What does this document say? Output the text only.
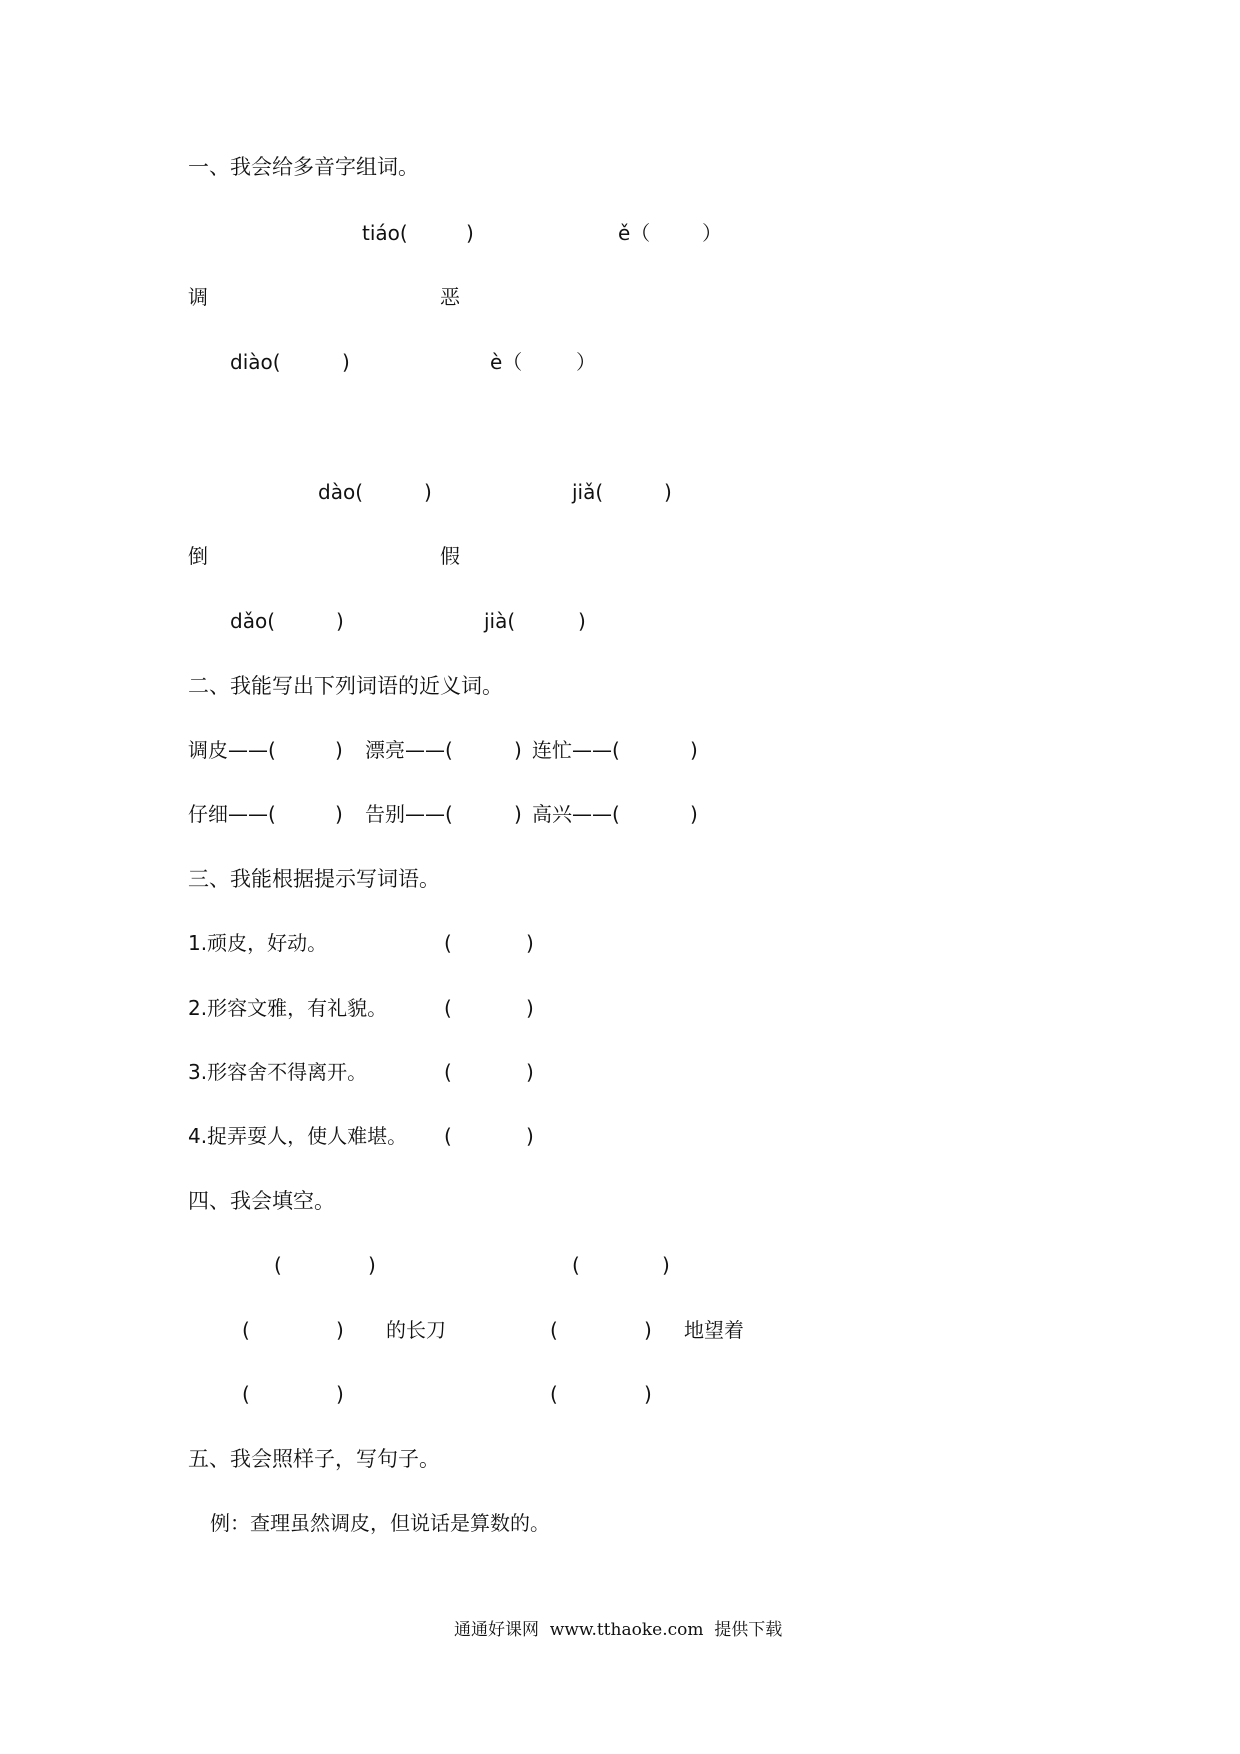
一、我会给多音字组词。
tiáo(	)	ě（	）
调	恶
diào(	)	è（	）
dào(	)	jiǎ(	)
倒	假
dǎo(	)	jià(	)
二、我能写出下列词语的近义词。
调皮——(	) 漂亮——(	) 连忙——(	)
仔细——(	) 告别——(	) 高兴——(	)
三、我能根据提示写词语。
1.顽皮，好动。	(	)
2.形容文雅，有礼貌。	(	)
3.形容舍不得离开。	(	)
4.捉弄耍人，使人难堪。 (	)
四、我会填空。
(	)	(	)
(	) 的长刀	(	) 地望着
(	)	(	)
五、我会照样子，写句子。
例：查理虽然调皮，但说话是算数的。
通通好课网  www.tthaoke.com  提供下载
